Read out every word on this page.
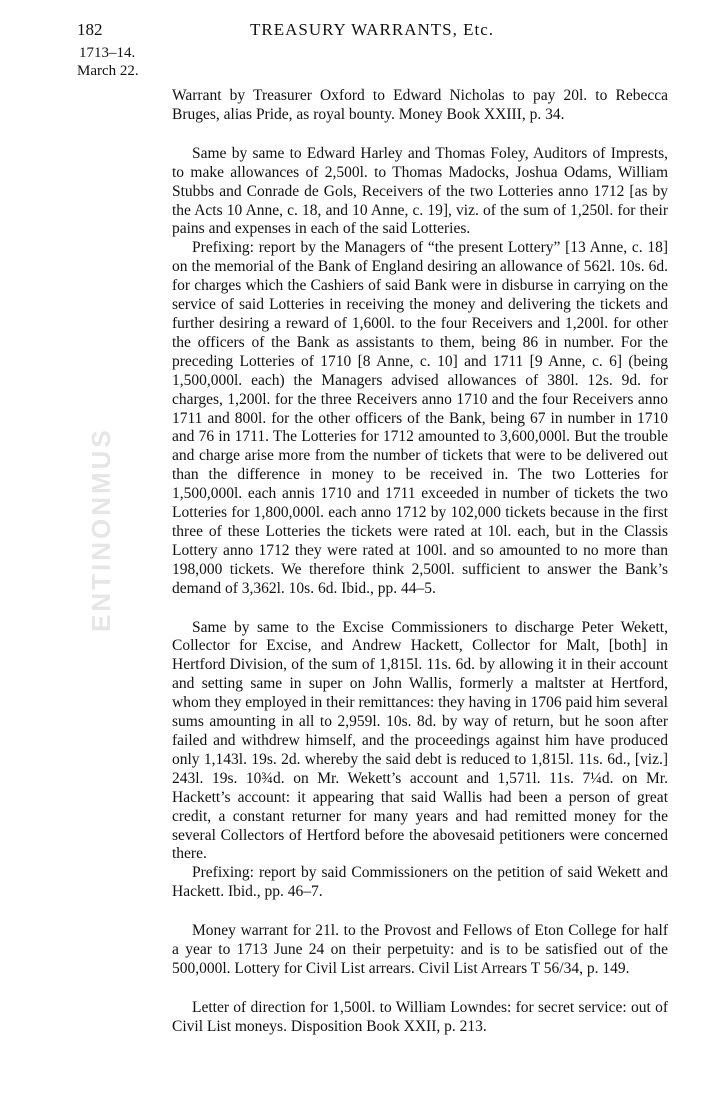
ENTINONMUS
182	TREASURY WARRANTS, Etc.
1713–14.
March 22.

Warrant by Treasurer Oxford to Edward Nicholas to pay 20l. to Rebecca Bruges, alias Pride, as royal bounty. Money Book XXIII, p. 34.

Same by same to Edward Harley and Thomas Foley, Auditors of Imprests, to make allowances of 2,500l. to Thomas Madocks, Joshua Odams, William Stubbs and Conrade de Gols, Receivers of the two Lotteries anno 1712 [as by the Acts 10 Anne, c. 18, and 10 Anne, c. 19], viz. of the sum of 1,250l. for their pains and expenses in each of the said Lotteries.

Prefixing: report by the Managers of “the present Lottery” [13 Anne, c. 18] on the memorial of the Bank of England desiring an allowance of 562l. 10s. 6d. for charges which the Cashiers of said Bank were in disburse in carrying on the service of said Lotteries in receiving the money and delivering the tickets and further desiring a reward of 1,600l. to the four Receivers and 1,200l. for other the officers of the Bank as assistants to them, being 86 in number. For the preceding Lotteries of 1710 [8 Anne, c. 10] and 1711 [9 Anne, c. 6] (being 1,500,000l. each) the Managers advised allowances of 380l. 12s. 9d. for charges, 1,200l. for the three Receivers anno 1710 and the four Receivers anno 1711 and 800l. for the other officers of the Bank, being 67 in number in 1710 and 76 in 1711. The Lotteries for 1712 amounted to 3,600,000l. But the trouble and charge arise more from the number of tickets that were to be delivered out than the difference in money to be received in. The two Lotteries for 1,500,000l. each annis 1710 and 1711 exceeded in number of tickets the two Lotteries for 1,800,000l. each anno 1712 by 102,000 tickets because in the first three of these Lotteries the tickets were rated at 10l. each, but in the Classis Lottery anno 1712 they were rated at 100l. and so amounted to no more than 198,000 tickets. We therefore think 2,500l. sufficient to answer the Bank’s demand of 3,362l. 10s. 6d. Ibid., pp. 44–5.

Same by same to the Excise Commissioners to discharge Peter Wekett, Collector for Excise, and Andrew Hackett, Collector for Malt, [both] in Hertford Division, of the sum of 1,815l. 11s. 6d. by allowing it in their account and setting same in super on John Wallis, formerly a maltster at Hertford, whom they employed in their remittances: they having in 1706 paid him several sums amounting in all to 2,959l. 10s. 8d. by way of return, but he soon after failed and withdrew himself, and the proceedings against him have produced only 1,143l. 19s. 2d. whereby the said debt is reduced to 1,815l. 11s. 6d., [viz.] 243l. 19s. 10¾d. on Mr. Wekett’s account and 1,571l. 11s. 7¼d. on Mr. Hackett’s account: it appearing that said Wallis had been a person of great credit, a constant returner for many years and had remitted money for the several Collectors of Hertford before the abovesaid petitioners were concerned there.

Prefixing: report by said Commissioners on the petition of said Wekett and Hackett. Ibid., pp. 46–7.

Money warrant for 21l. to the Provost and Fellows of Eton College for half a year to 1713 June 24 on their perpetuity: and is to be satisfied out of the 500,000l. Lottery for Civil List arrears. Civil List Arrears T 56/34, p. 149.

Letter of direction for 1,500l. to William Lowndes: for secret service: out of Civil List moneys. Disposition Book XXII, p. 213.
